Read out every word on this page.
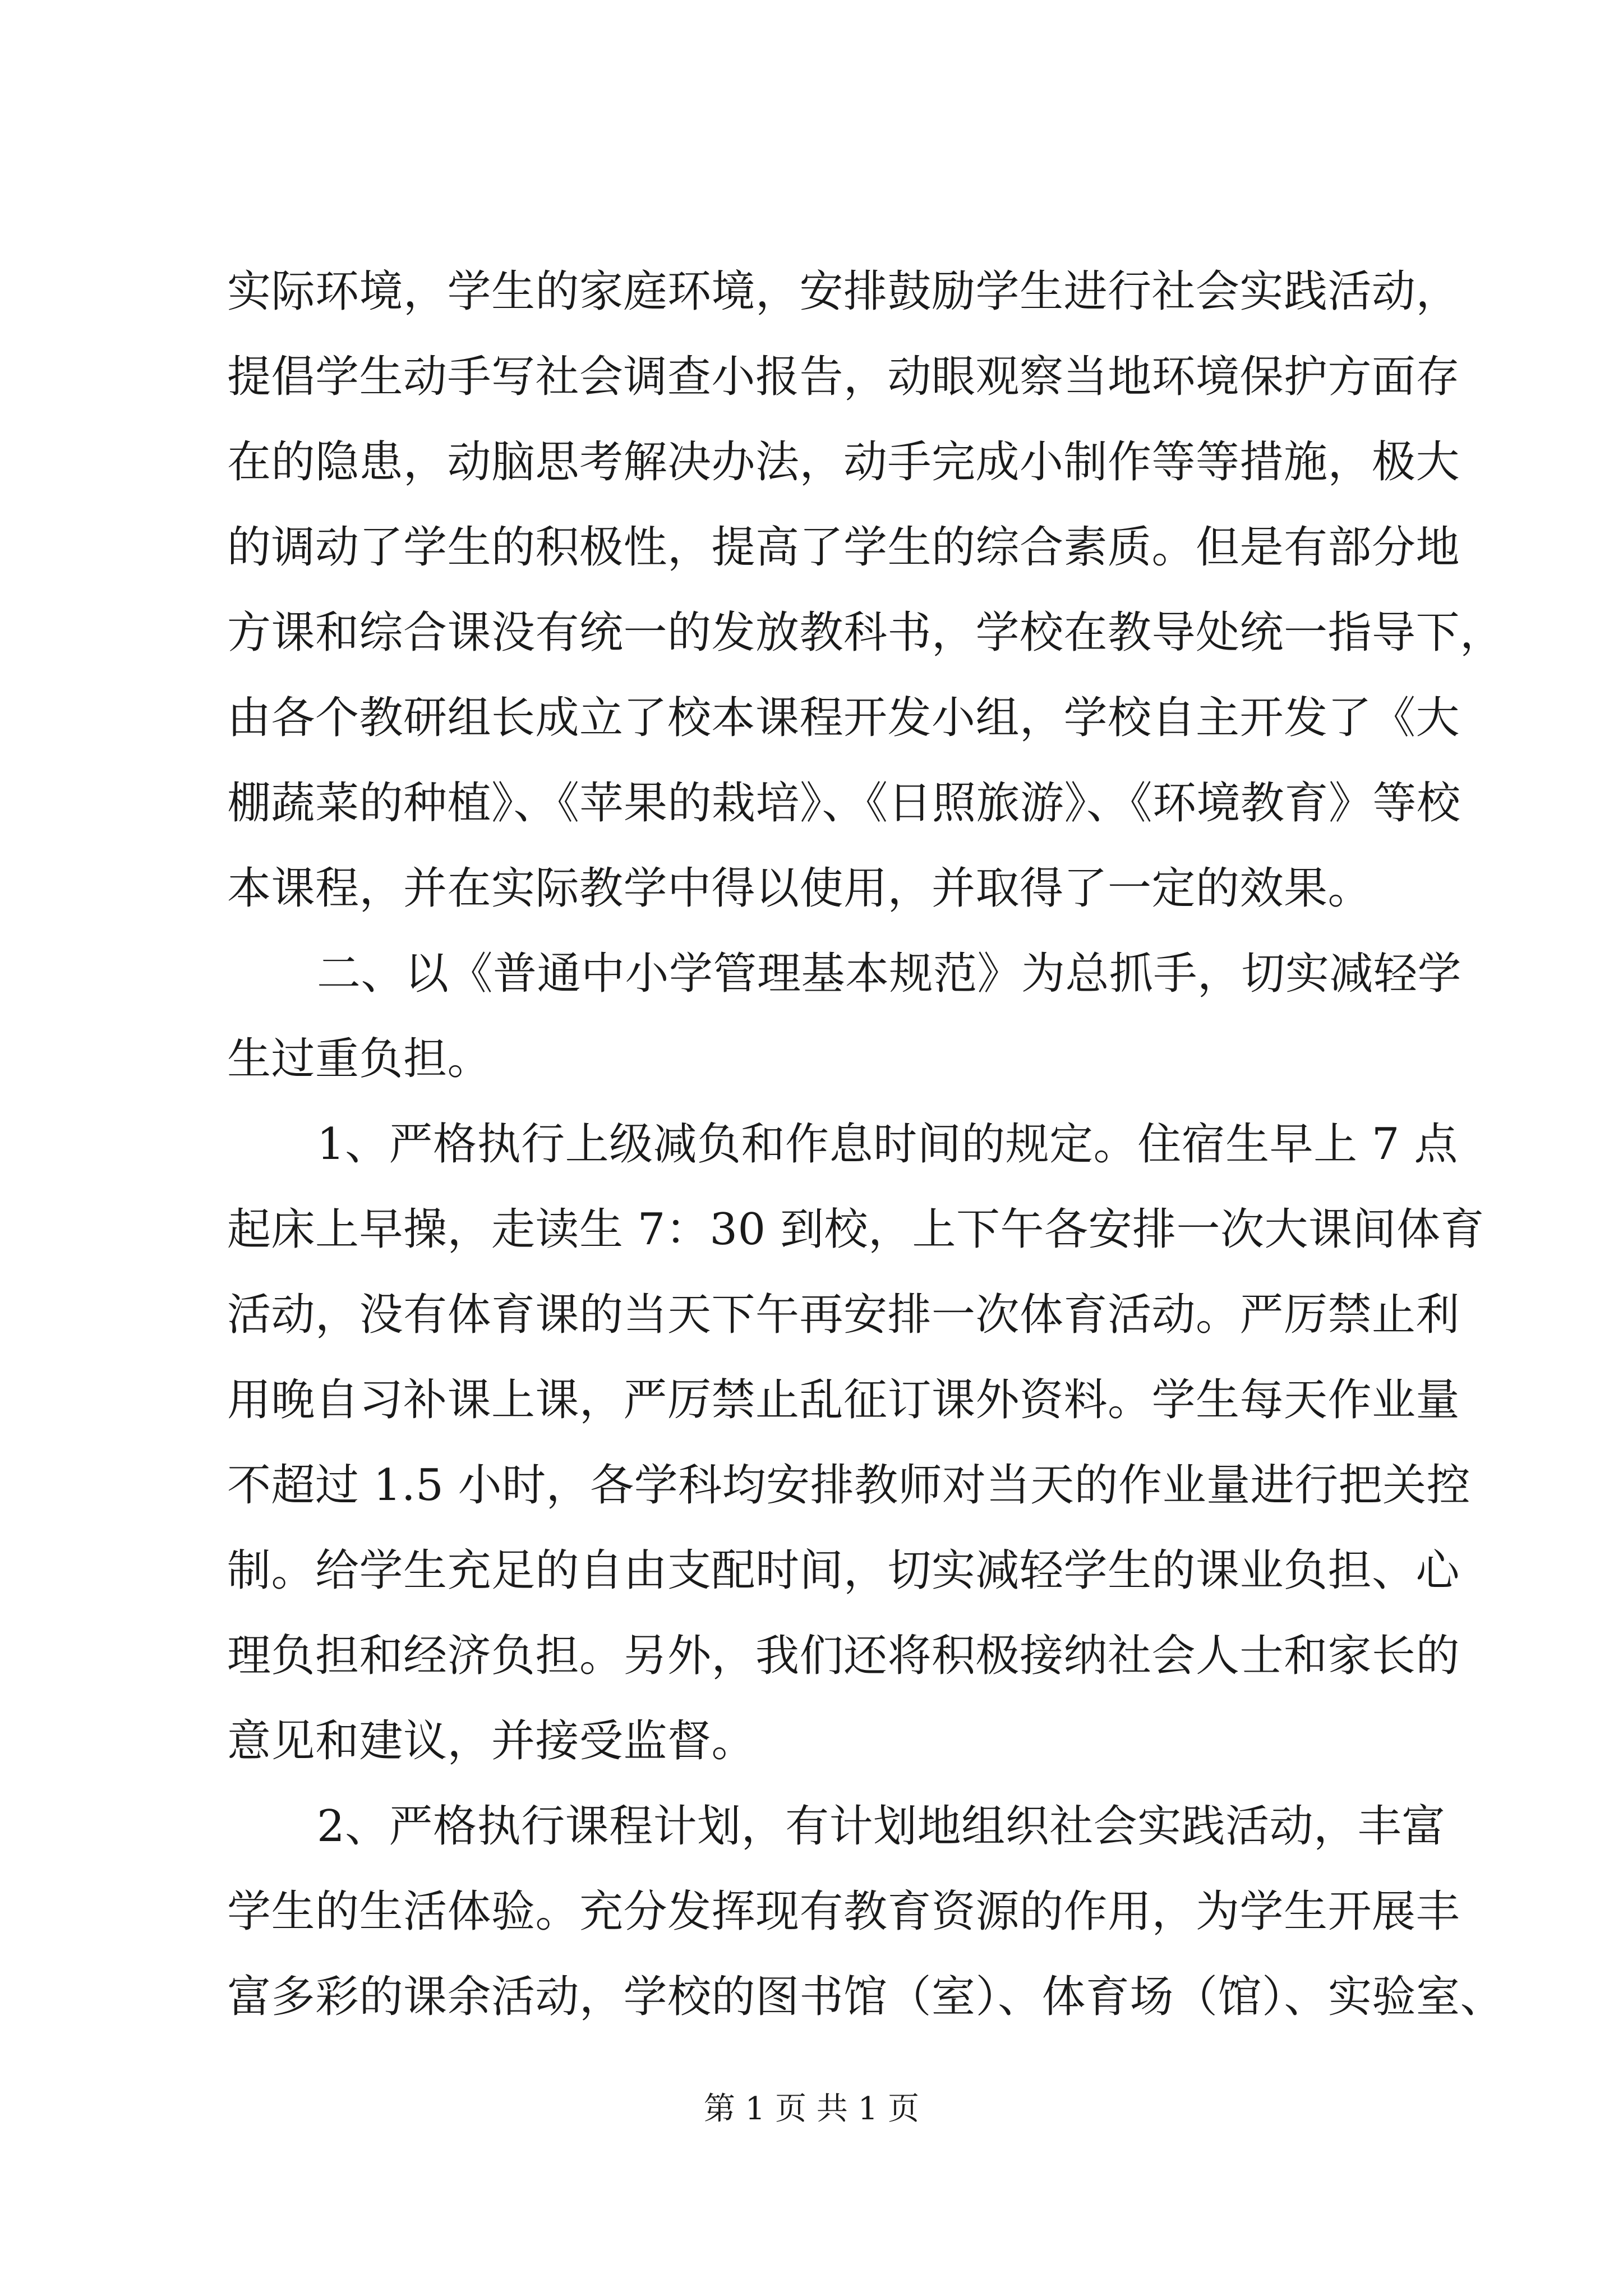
实际环境，学生的家庭环境，安排鼓励学生进行社会实践活动，
提倡学生动手写社会调查小报告，动眼观察当地环境保护方面存
在的隐患，动脑思考解决办法，动手完成小制作等等措施，极大
的调动了学生的积极性，提高了学生的综合素质。但是有部分地
方课和综合课没有统一的发放教科书，学校在教导处统一指导下，
由各个教研组长成立了校本课程开发小组，学校自主开发了《大
棚蔬菜的种植》、《苹果的栽培》、《日照旅游》、《环境教育》等校
本课程，并在实际教学中得以使用，并取得了一定的效果。
二、以《普通中小学管理基本规范》为总抓手，切实减轻学
生过重负担。
1、严格执行上级减负和作息时间的规定。住宿生早上 7 点
起床上早操，走读生 7：30 到校，上下午各安排一次大课间体育
活动，没有体育课的当天下午再安排一次体育活动。严厉禁止利
用晚自习补课上课，严厉禁止乱征订课外资料。学生每天作业量
不超过 1.5 小时，各学科均安排教师对当天的作业量进行把关控
制。给学生充足的自由支配时间，切实减轻学生的课业负担、心
理负担和经济负担。另外，我们还将积极接纳社会人士和家长的
意见和建议，并接受监督。
2、严格执行课程计划，有计划地组织社会实践活动，丰富
学生的生活体验。充分发挥现有教育资源的作用，为学生开展丰
富多彩的课余活动，学校的图书馆（室）、体育场（馆）、实验室、
第 1 页 共 1 页
